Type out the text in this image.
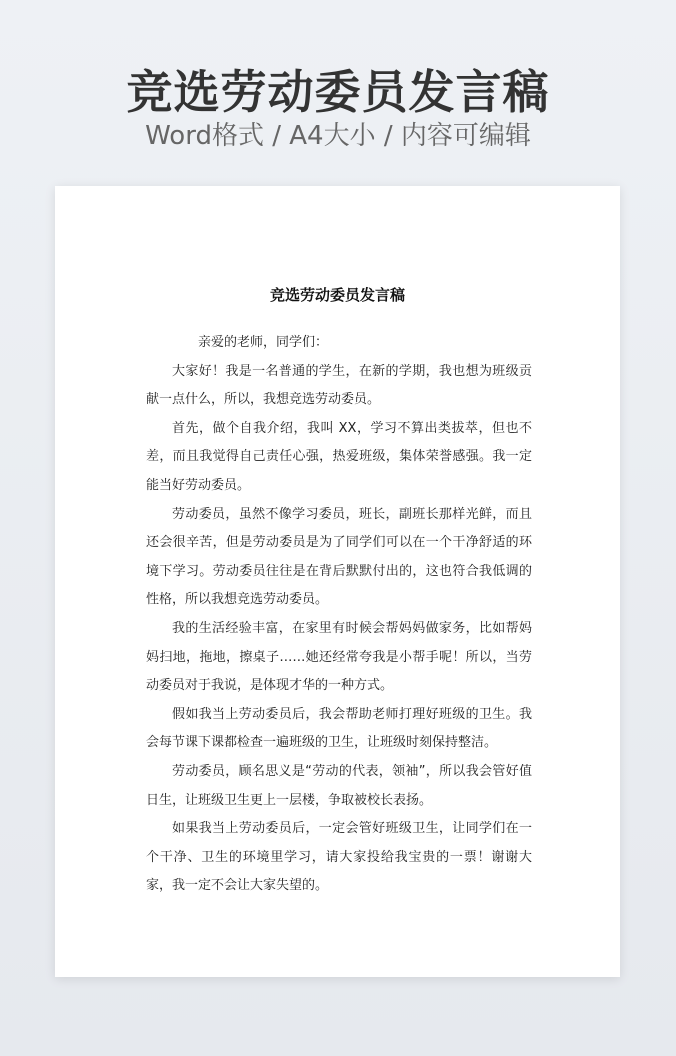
竞选劳动委员发言稿
Word格式 / A4大小 / 内容可编辑
竞选劳动委员发言稿

亲爱的老师，同学们：

大家好！我是一名普通的学生，在新的学期，我也想为班级贡献一点什么，所以，我想竞选劳动委员。

首先，做个自我介绍，我叫 XX，学习不算出类拔萃，但也不差，而且我觉得自己责任心强，热爱班级，集体荣誉感强。我一定能当好劳动委员。

劳动委员，虽然不像学习委员，班长，副班长那样光鲜，而且还会很辛苦，但是劳动委员是为了同学们可以在一个干净舒适的环境下学习。劳动委员往往是在背后默默付出的，这也符合我低调的性格，所以我想竞选劳动委员。

我的生活经验丰富，在家里有时候会帮妈妈做家务，比如帮妈妈扫地，拖地，擦桌子……她还经常夸我是小帮手呢！所以，当劳动委员对于我说，是体现才华的一种方式。

假如我当上劳动委员后，我会帮助老师打理好班级的卫生。我会每节课下课都检查一遍班级的卫生，让班级时刻保持整洁。

劳动委员，顾名思义是“劳动的代表，领袖”，所以我会管好值日生，让班级卫生更上一层楼，争取被校长表扬。

如果我当上劳动委员后，一定会管好班级卫生，让同学们在一个干净、卫生的环境里学习，请大家投给我宝贵的一票！谢谢大家，我一定不会让大家失望的。
